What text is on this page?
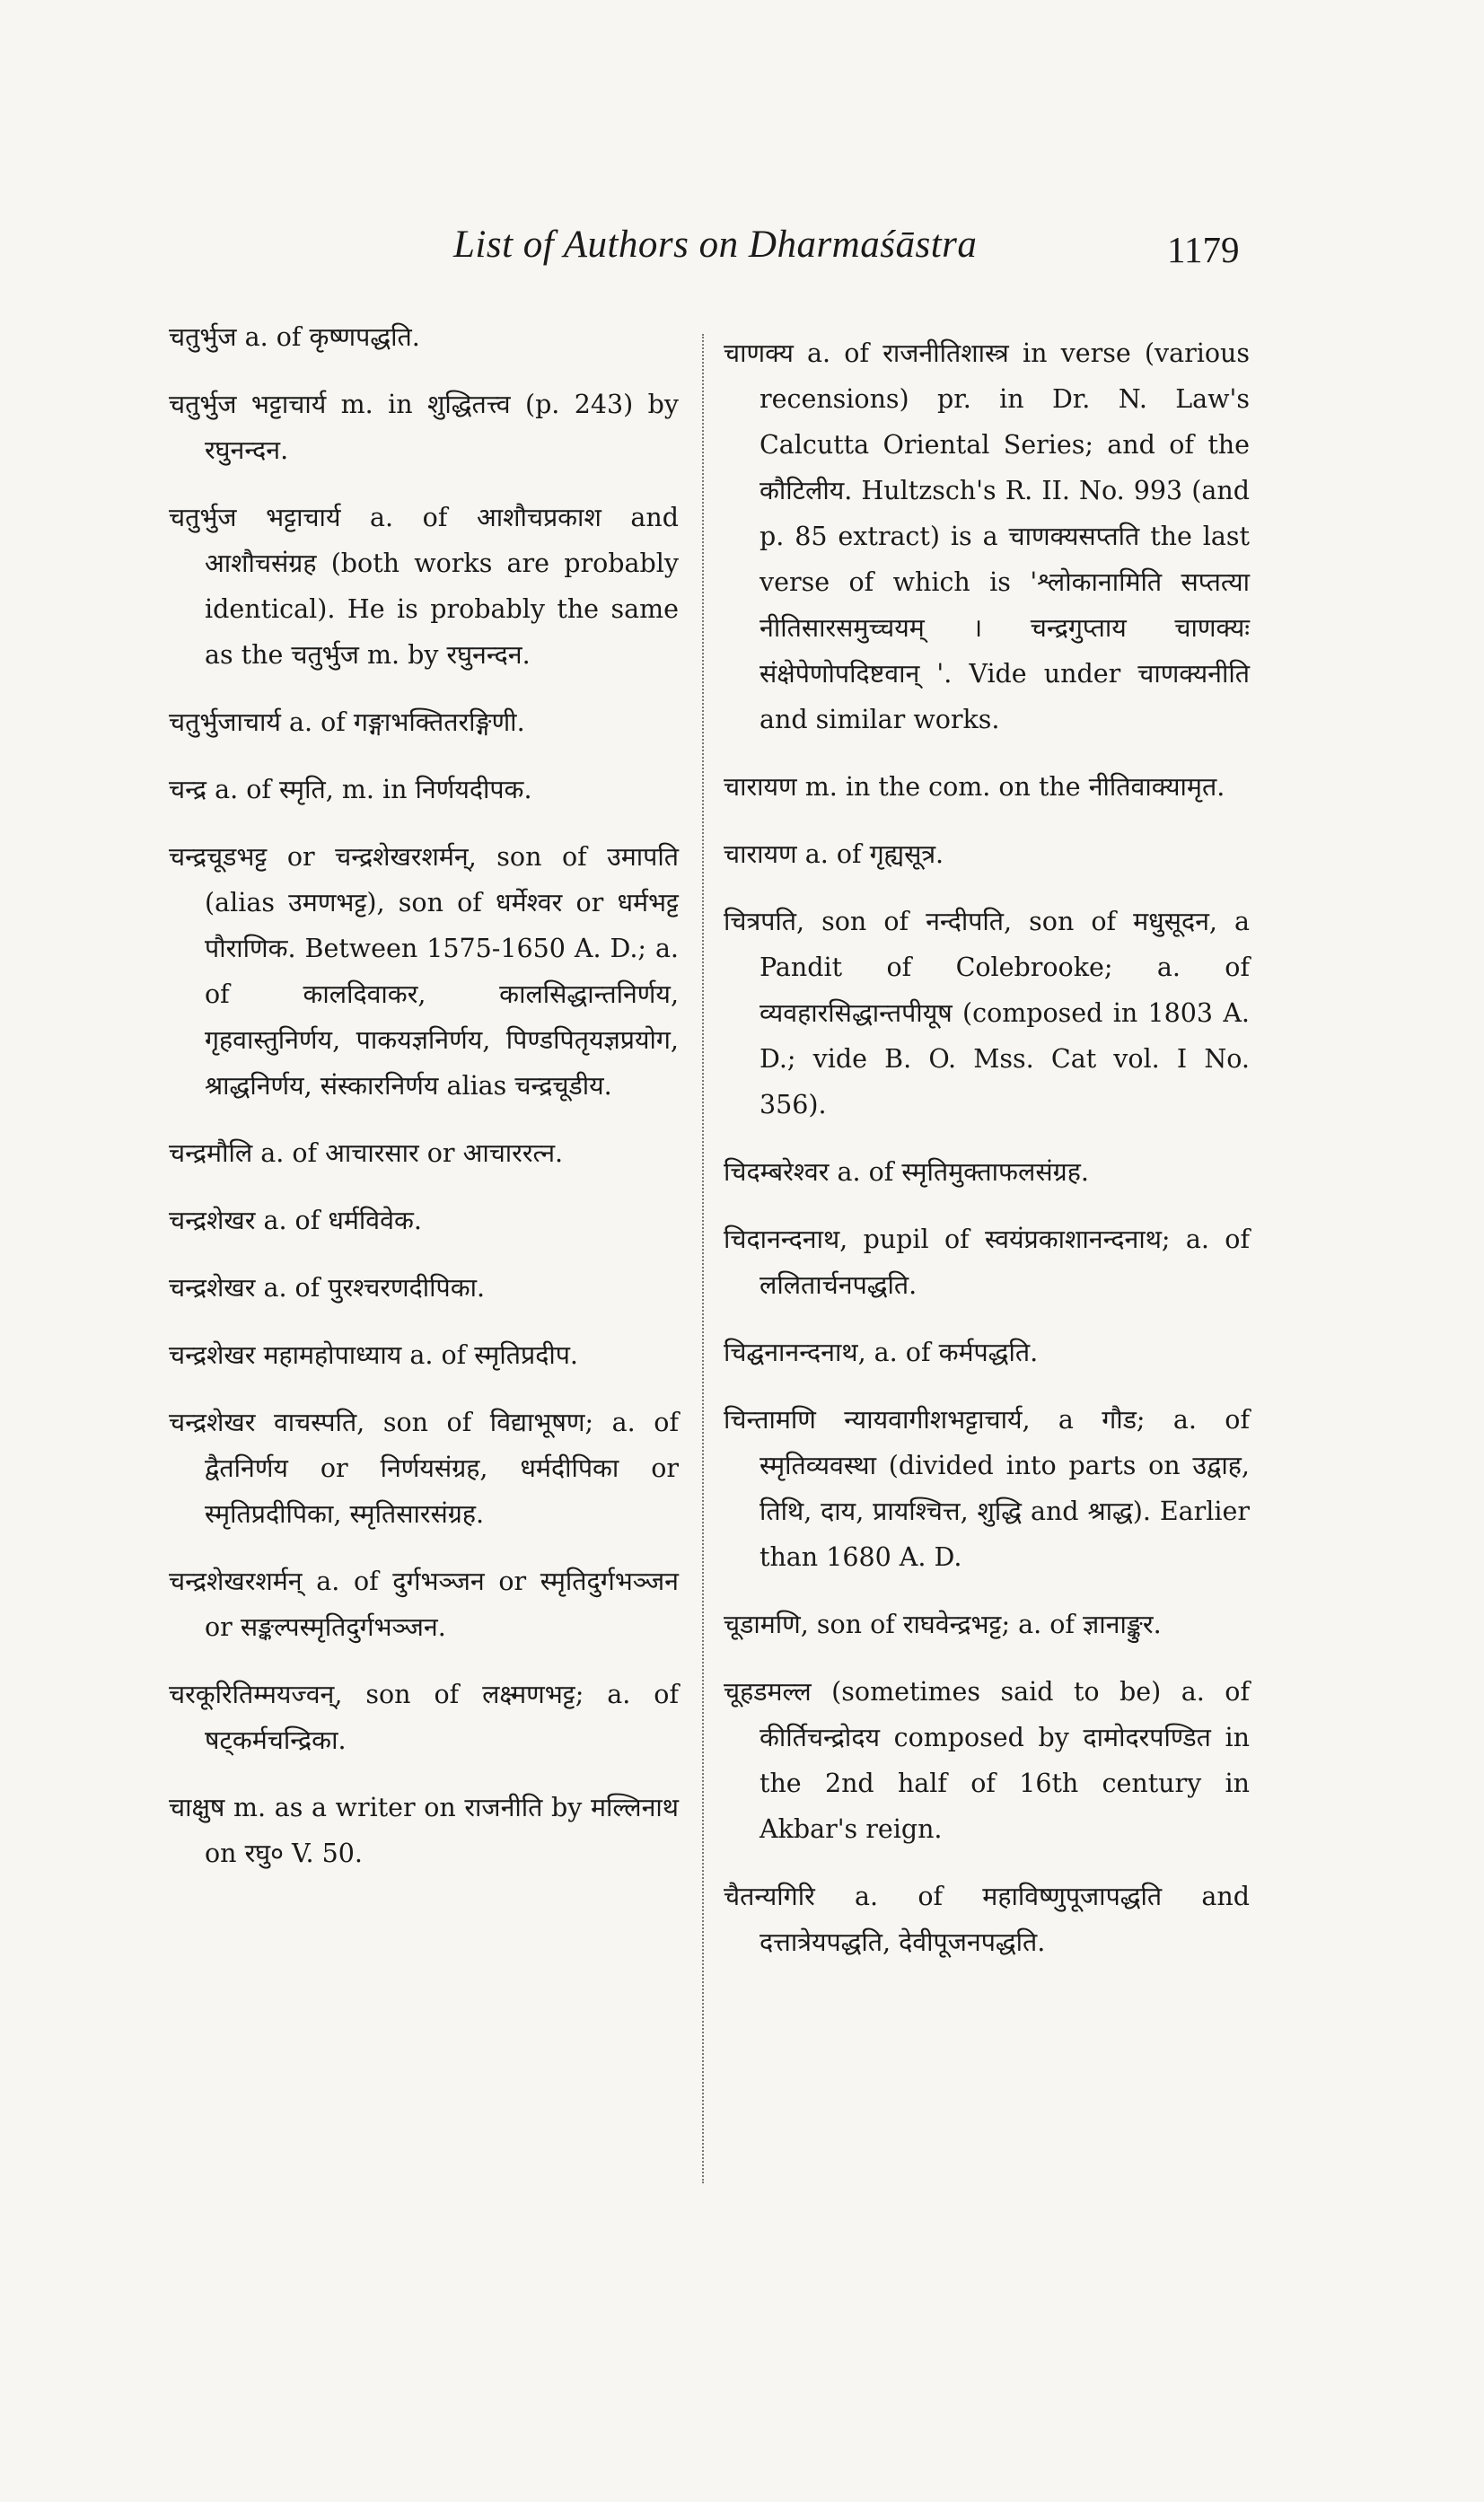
List of Authors on Dharmaśāstra	1179

चतुर्भुज a. of कृष्णपद्धति.

चतुर्भुज भट्टाचार्य m. in शुद्धितत्त्व (p. 243) by रघुनन्दन.

चतुर्भुज भट्टाचार्य a. of आशौचप्रकाश and आशौचसंग्रह (both works are probably identical). He is probably the same as the चतुर्भुज m. by रघुनन्दन.

चतुर्भुजाचार्य a. of गङ्गाभक्तितरङ्गिणी.

चन्द्र a. of स्मृति, m. in निर्णयदीपक.

चन्द्रचूडभट्ट or चन्द्रशेखरशर्मन्, son of उमापति (alias उमणभट्ट), son of धर्मेश्वर or धर्मभट्ट पौराणिक. Between 1575-1650 A. D.; a. of कालदिवाकर, कालसिद्धान्तनिर्णय, गृहवास्तुनिर्णय, पाकयज्ञनिर्णय, पिण्डपितृयज्ञप्रयोग, श्राद्धनिर्णय, संस्कारनिर्णय alias चन्द्रचूडीय.

चन्द्रमौलि a. of आचारसार or आचाररत्न.

चन्द्रशेखर a. of धर्मविवेक.

चन्द्रशेखर a. of पुरश्चरणदीपिका.

चन्द्रशेखर महामहोपाध्याय a. of स्मृतिप्रदीप.

चन्द्रशेखर वाचस्पति, son of विद्याभूषण; a. of द्वैतनिर्णय or निर्णयसंग्रह, धर्मदीपिका or स्मृतिप्रदीपिका, स्मृतिसारसंग्रह.

चन्द्रशेखरशर्मन् a. of दुर्गभञ्जन or स्मृतिदुर्गभञ्जन or सङ्कल्पस्मृतिदुर्गभञ्जन.

चरकूरितिम्मयज्वन्, son of लक्ष्मणभट्ट; a. of षट्कर्मचन्द्रिका.

चाक्षुष m. as a writer on राजनीति by मल्लिनाथ on रघु० V. 50.

चाणक्य a. of राजनीतिशास्त्र in verse (various recensions) pr. in Dr. N. Law's Calcutta Oriental Series; and of the कौटिलीय. Hultzsch's R. II. No. 993 (and p. 85 extract) is a चाणक्यसप्तति the last verse of which is 'श्लोकानामिति सप्तत्या नीतिसारसमुच्चयम् । चन्द्रगुप्ताय चाणक्यः संक्षेपेणोपदिष्टवान् '. Vide under चाणक्यनीति and similar works.

चारायण m. in the com. on the नीतिवाक्यामृत.

चारायण a. of गृह्यसूत्र.

चित्रपति, son of नन्दीपति, son of मधुसूदन, a Pandit of Colebrooke; a. of व्यवहारसिद्धान्तपीयूष (composed in 1803 A. D.; vide B. O. Mss. Cat vol. I No. 356).

चिदम्बरेश्वर a. of स्मृतिमुक्ताफलसंग्रह.

चिदानन्दनाथ, pupil of स्वयंप्रकाशानन्दनाथ; a. of ललितार्चनपद्धति.

चिद्घनानन्दनाथ, a. of कर्मपद्धति.

चिन्तामणि न्यायवागीशभट्टाचार्य, a गौड; a. of स्मृतिव्यवस्था (divided into parts on उद्वाह, तिथि, दाय, प्रायश्चित्त, शुद्धि and श्राद्ध). Earlier than 1680 A. D.

चूडामणि, son of राघवेन्द्रभट्ट; a. of ज्ञानाङ्कुर.

चूहडमल्ल (sometimes said to be) a. of कीर्तिचन्द्रोदय composed by दामोदरपण्डित in the 2nd half of 16th century in Akbar's reign.

चैतन्यगिरि a. of महाविष्णुपूजापद्धति and दत्तात्रेयपद्धति, देवीपूजनपद्धति.
